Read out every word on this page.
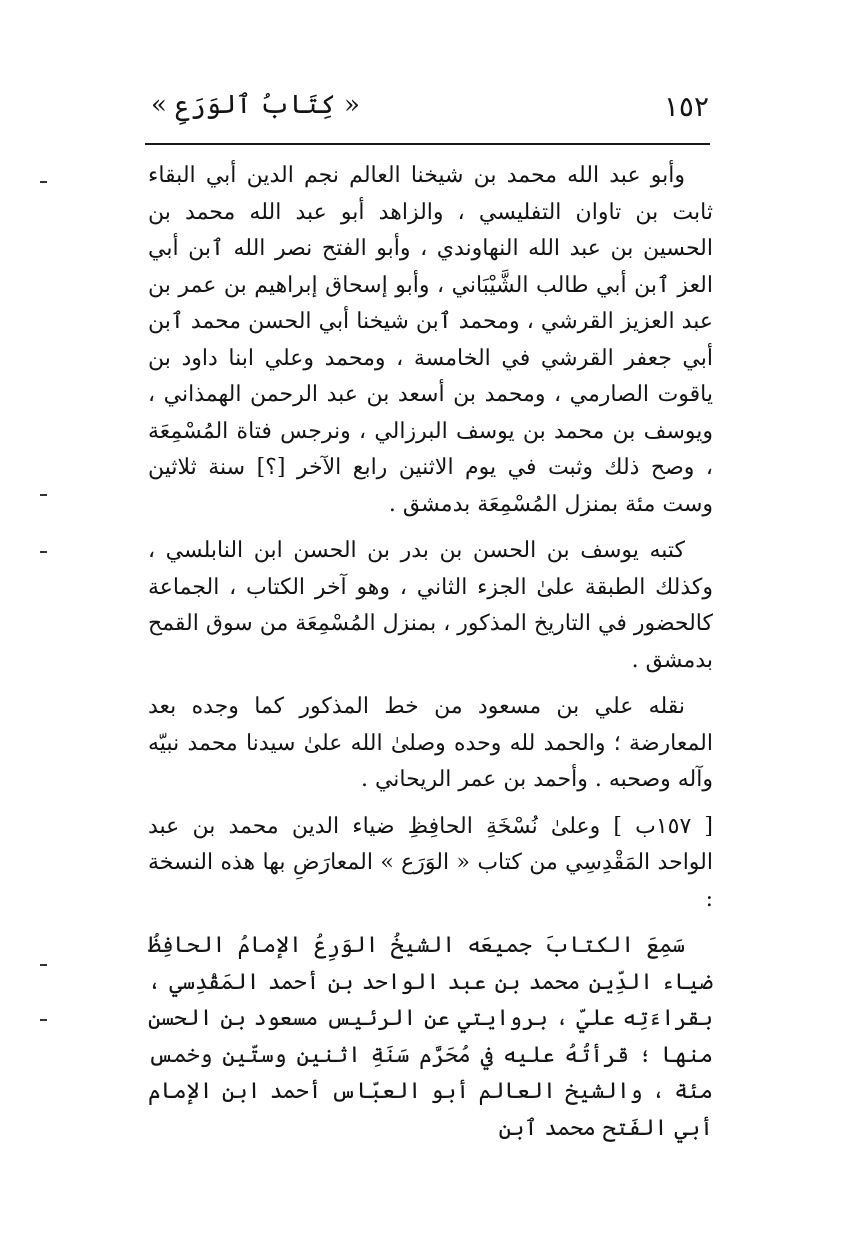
« كِتَابُ ٱلوَرَعِ »	١٥٢

وأبو عبد الله محمد بن شيخنا العالم نجم الدين أبي البقاء ثابت بن تاوان التفليسي ، والزاهد أبو عبد الله محمد بن الحسين بن عبد الله النهاوندي ، وأبو الفتح نصر الله ٱبن أبي العز ٱبن أبي طالب الشَّيْبَاني ، وأبو إسحاق إبراهيم بن عمر بن عبد العزيز القرشي ، ومحمد ٱبن شيخنا أبي الحسن محمد ٱبن أبي جعفر القرشي في الخامسة ، ومحمد وعلي ابنا داود بن ياقوت الصارمي ، ومحمد بن أسعد بن عبد الرحمن الهمذاني ، ويوسف بن محمد بن يوسف البرزالي ، ونرجس فتاة المُسْمِعَة ، وصح ذلك وثبت في يوم الاثنين رابع الآخر [؟] سنة ثلاثين وست مئة بمنزل المُسْمِعَة بدمشق .

كتبه يوسف بن الحسن بن بدر بن الحسن ابن النابلسي ، وكذلك الطبقة علىٰ الجزء الثاني ، وهو آخر الكتاب ، الجماعة كالحضور في التاريخ المذكور ، بمنزل المُسْمِعَة من سوق القمح بدمشق .

نقله علي بن مسعود من خط المذكور كما وجده بعد المعارضة ؛ والحمد لله وحده وصلىٰ الله علىٰ سيدنا محمد نبيّه وآله وصحبه . وأحمد بن عمر الريحاني .

[ ١٥٧ب ] وعلىٰ نُسْخَةِ الحافِظِ ضياء الدين محمد بن عبد الواحد المَقْدِسِي من كتاب « الوَرَع » المعارَضِ بها هذه النسخة :

سَمِعَ الكتابَ جميعَه الشيخُ الوَرِعُ الإمامُ الحافِظُ ضياء الدِّين محمد بن عبد الواحد بن أحمد المَقْدِسي ، بقراءَتِه عليّ ، بروايتي عن الرئيس مسعود بن الحسن منها ؛ قرأتُهُ عليه في مُحَرَّم سَنَةِ اثنين وستّين وخمس مئة ، والشيخ العالم أبو العبّاس أحمد ابن الإمام أبي الفَتح محمد ٱبن
